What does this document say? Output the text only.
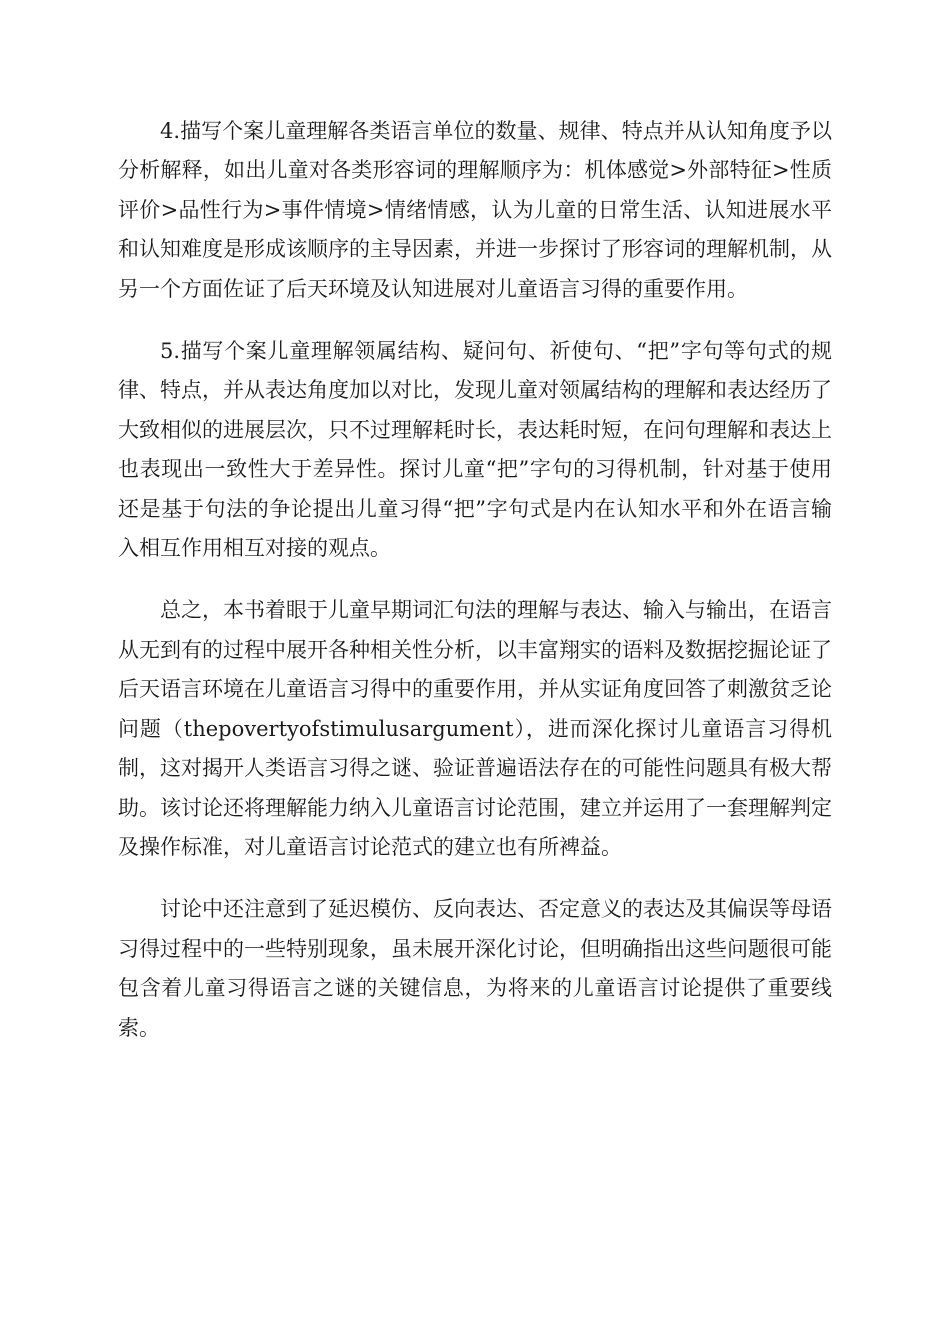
4.描写个案儿童理解各类语言单位的数量、规律、特点并从认知角度予以分析解释，如出儿童对各类形容词的理解顺序为：机体感觉>外部特征>性质评价>品性行为>事件情境>情绪情感，认为儿童的日常生活、认知进展水平和认知难度是形成该顺序的主导因素，并进一步探讨了形容词的理解机制，从另一个方面佐证了后天环境及认知进展对儿童语言习得的重要作用。

5.描写个案儿童理解领属结构、疑问句、祈使句、“把”字句等句式的规律、特点，并从表达角度加以对比，发现儿童对领属结构的理解和表达经历了大致相似的进展层次，只不过理解耗时长，表达耗时短，在问句理解和表达上也表现出一致性大于差异性。探讨儿童“把”字句的习得机制，针对基于使用还是基于句法的争论提出儿童习得“把”字句式是内在认知水平和外在语言输入相互作用相互对接的观点。

总之，本书着眼于儿童早期词汇句法的理解与表达、输入与输出，在语言从无到有的过程中展开各种相关性分析，以丰富翔实的语料及数据挖掘论证了后天语言环境在儿童语言习得中的重要作用，并从实证角度回答了刺激贫乏论问题（thepovertyofstimulusargument），进而深化探讨儿童语言习得机制，这对揭开人类语言习得之谜、验证普遍语法存在的可能性问题具有极大帮助。该讨论还将理解能力纳入儿童语言讨论范围，建立并运用了一套理解判定及操作标准，对儿童语言讨论范式的建立也有所裨益。

讨论中还注意到了延迟模仿、反向表达、否定意义的表达及其偏误等母语习得过程中的一些特别现象，虽未展开深化讨论，但明确指出这些问题很可能包含着儿童习得语言之谜的关键信息，为将来的儿童语言讨论提供了重要线索。
